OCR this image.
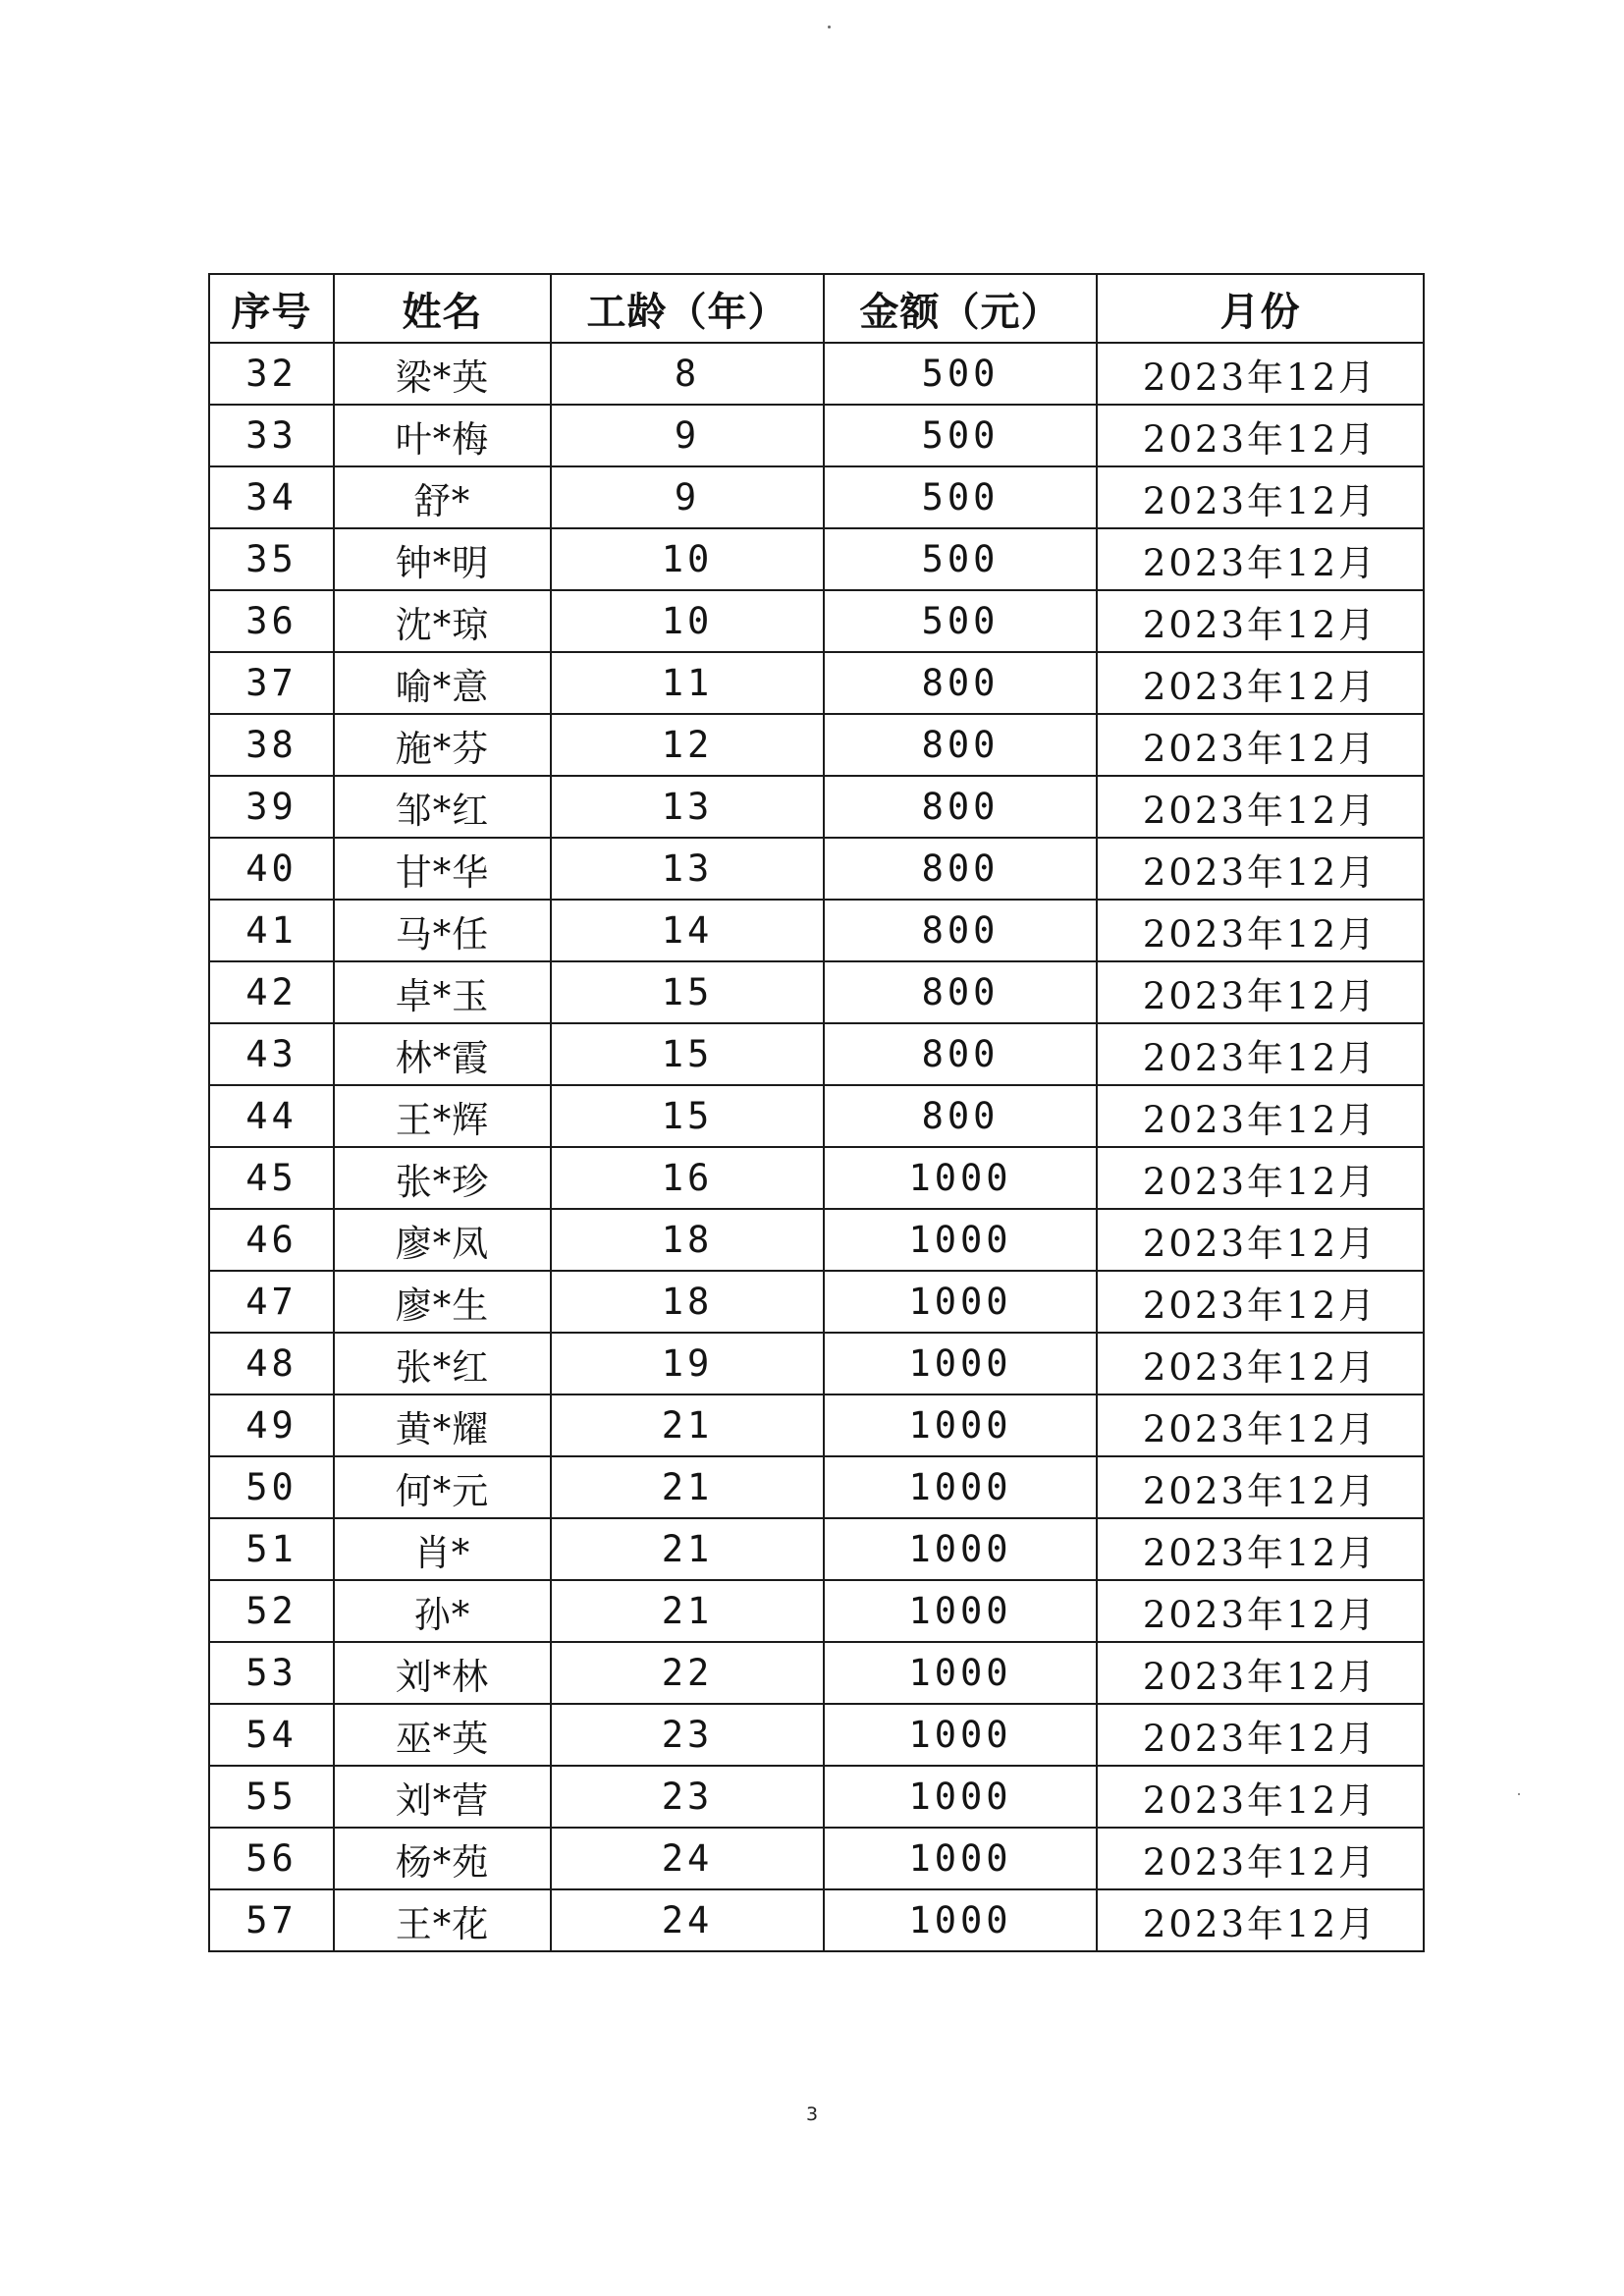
序号	姓名	工龄（年）	金额（元）	月份
32	梁*英	8	500	2023年12月
33	叶*梅	9	500	2023年12月
34	舒*	9	500	2023年12月
35	钟*明	10	500	2023年12月
36	沈*琼	10	500	2023年12月
37	喻*意	11	800	2023年12月
38	施*芬	12	800	2023年12月
39	邹*红	13	800	2023年12月
40	甘*华	13	800	2023年12月
41	马*任	14	800	2023年12月
42	卓*玉	15	800	2023年12月
43	林*霞	15	800	2023年12月
44	王*辉	15	800	2023年12月
45	张*珍	16	1000	2023年12月
46	廖*凤	18	1000	2023年12月
47	廖*生	18	1000	2023年12月
48	张*红	19	1000	2023年12月
49	黄*耀	21	1000	2023年12月
50	何*元	21	1000	2023年12月
51	肖*	21	1000	2023年12月
52	孙*	21	1000	2023年12月
53	刘*林	22	1000	2023年12月
54	巫*英	23	1000	2023年12月
55	刘*营	23	1000	2023年12月
56	杨*苑	24	1000	2023年12月
57	王*花	24	1000	2023年12月
3
